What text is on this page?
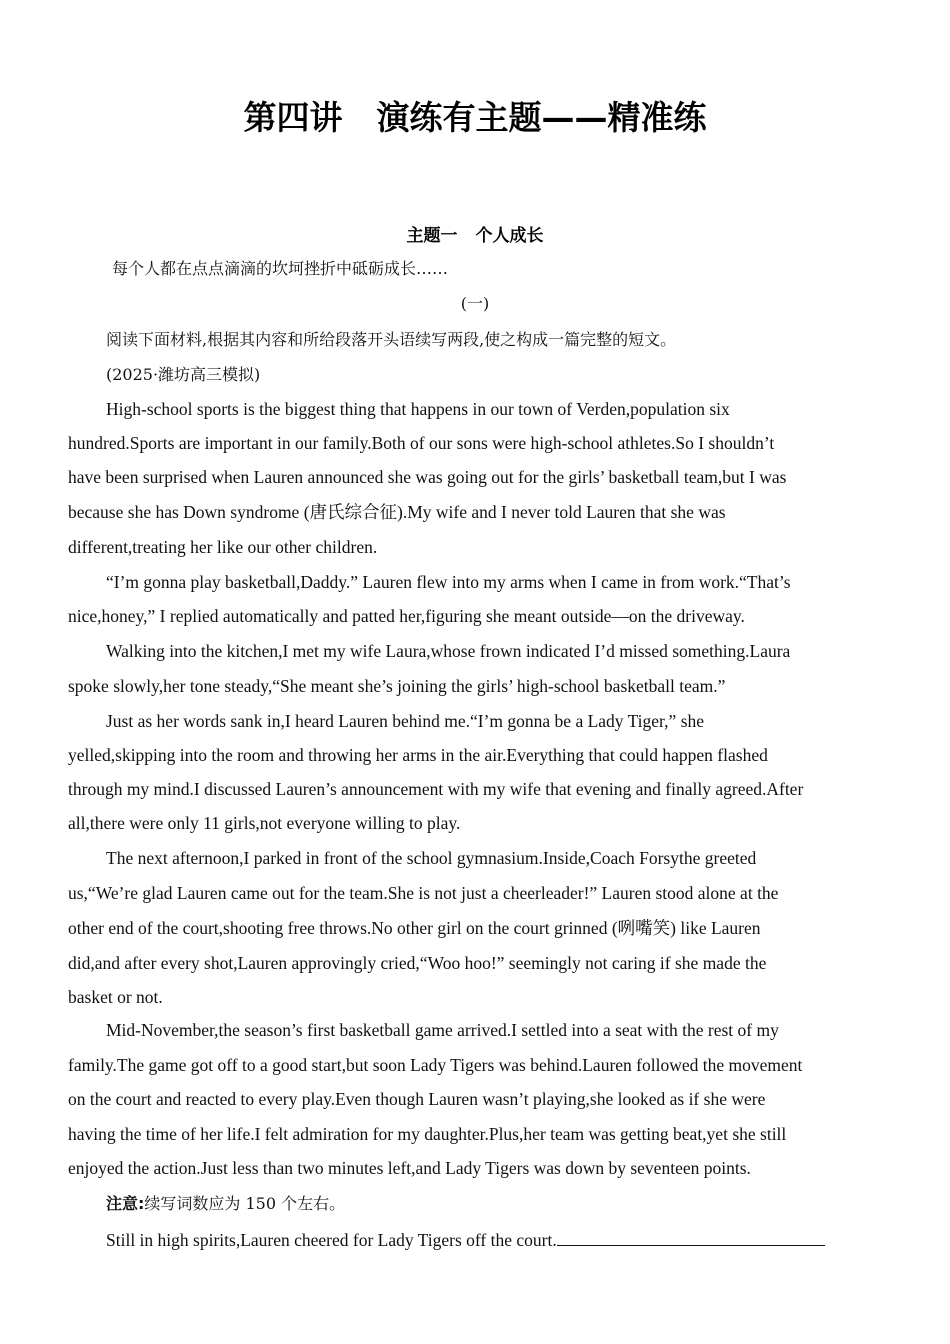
第四讲 演练有主题——精准练
主题一 个人成长
每个人都在点点滴滴的坎坷挫折中砥砺成长……
(一)
阅读下面材料,根据其内容和所给段落开头语续写两段,使之构成一篇完整的短文。
(2025·潍坊高三模拟)
High-school sports is the biggest thing that happens in our town of Verden,population six
hundred.Sports are important in our family.Both of our sons were high-school athletes.So I shouldn’t
have been surprised when Lauren announced she was going out for the girls’ basketball team,but I was
because she has Down syndrome (唐氏综合征).My wife and I never told Lauren that she was
different,treating her like our other children.
“I’m gonna play basketball,Daddy.” Lauren flew into my arms when I came in from work.“That’s
nice,honey,” I replied automatically and patted her,figuring she meant outside—on the driveway.
Walking into the kitchen,I met my wife Laura,whose frown indicated I’d missed something.Laura
spoke slowly,her tone steady,“She meant she’s joining the girls’ high-school basketball team.”
Just as her words sank in,I heard Lauren behind me.“I’m gonna be a Lady Tiger,” she
yelled,skipping into the room and throwing her arms in the air.Everything that could happen flashed
through my mind.I discussed Lauren’s announcement with my wife that evening and finally agreed.After
all,there were only 11 girls,not everyone willing to play.
The next afternoon,I parked in front of the school gymnasium.Inside,Coach Forsythe greeted
us,“We’re glad Lauren came out for the team.She is not just a cheerleader!” Lauren stood alone at the
other end of the court,shooting free throws.No other girl on the court grinned (咧嘴笑) like Lauren
did,and after every shot,Lauren approvingly cried,“Woo hoo!” seemingly not caring if she made the
basket or not.
Mid-November,the season’s first basketball game arrived.I settled into a seat with the rest of my
family.The game got off to a good start,but soon Lady Tigers was behind.Lauren followed the movement
on the court and reacted to every play.Even though Lauren wasn’t playing,she looked as if she were
having the time of her life.I felt admiration for my daughter.Plus,her team was getting beat,yet she still
enjoyed the action.Just less than two minutes left,and Lady Tigers was down by seventeen points.
注意:续写词数应为 150 个左右。
Still in high spirits,Lauren cheered for Lady Tigers off the court.
